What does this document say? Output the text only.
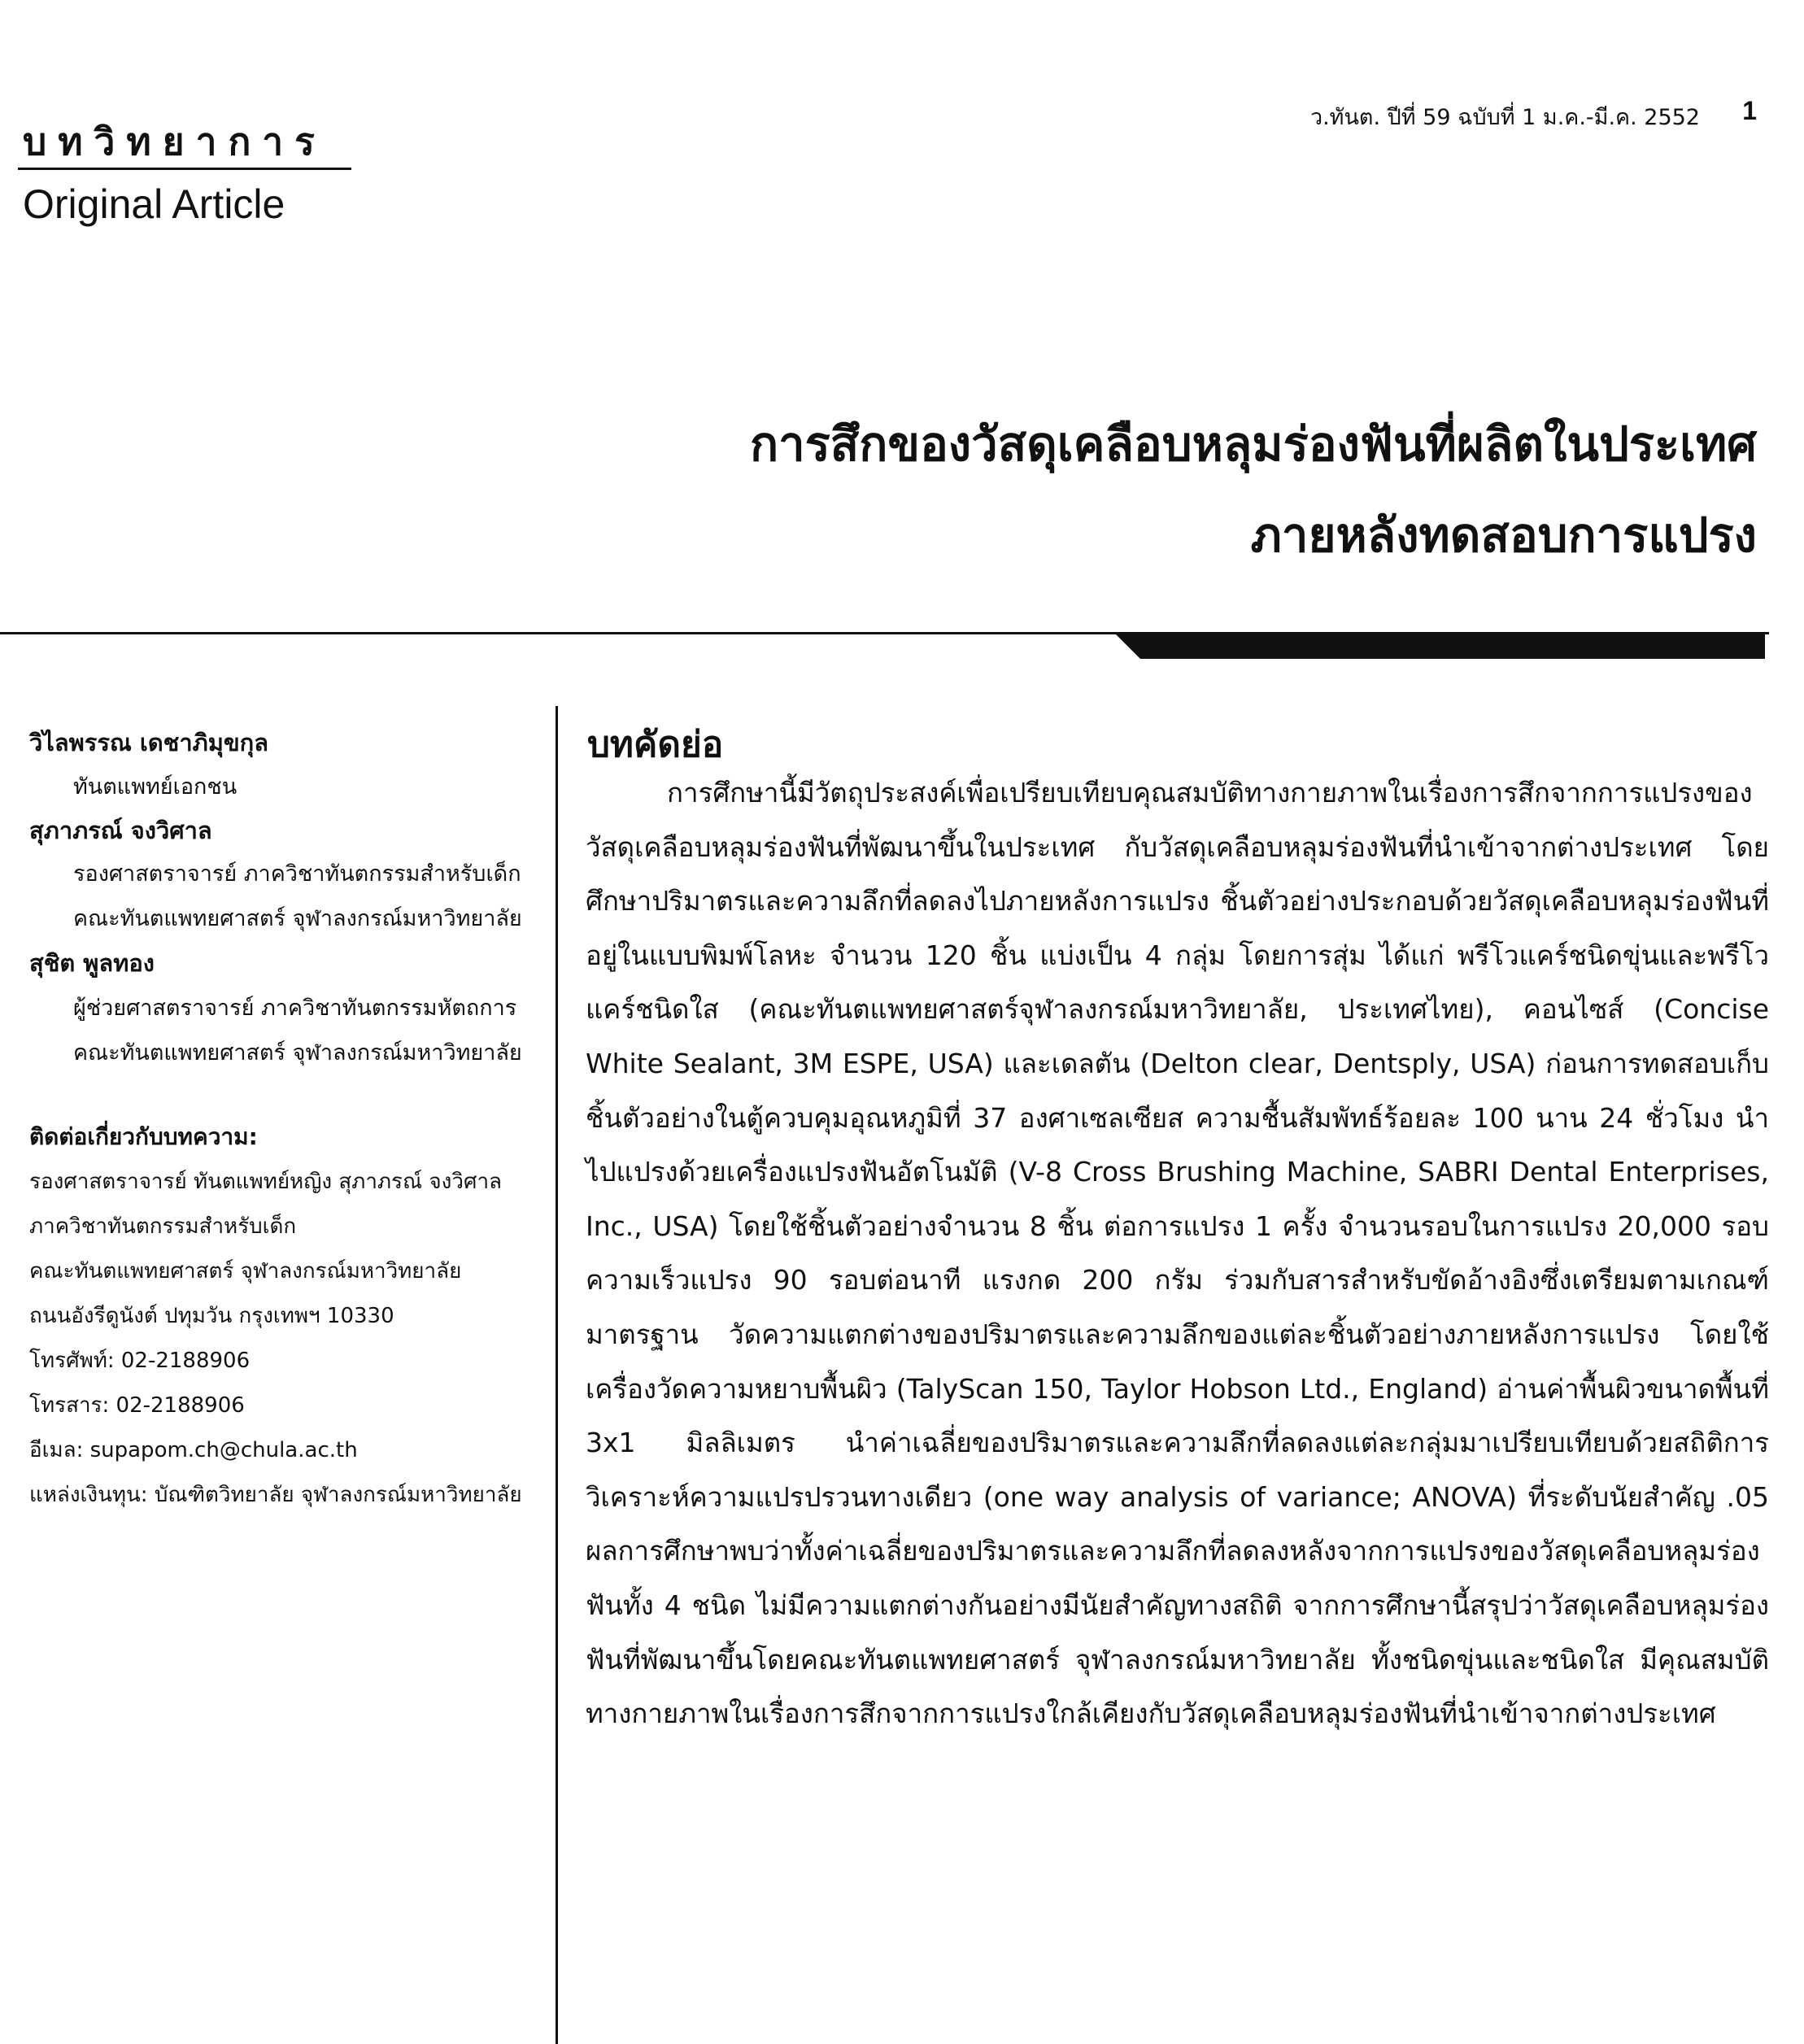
บทวิทยาการ
Original Article
ว.ทันต. ปีที่ 59 ฉบับที่ 1 ม.ค.-มี.ค. 2552 1
การสึกของวัสดุเคลือบหลุมร่องฟันที่ผลิตในประเทศ
ภายหลังทดสอบการแปรง
วิไลพรรณ เดชาภิมุขกุล
ทันตแพทย์เอกชน
สุภาภรณ์ จงวิศาล
รองศาสตราจารย์ ภาควิชาทันตกรรมสำหรับเด็ก
คณะทันตแพทยศาสตร์ จุฬาลงกรณ์มหาวิทยาลัย
สุชิต พูลทอง
ผู้ช่วยศาสตราจารย์ ภาควิชาทันตกรรมหัตถการ
คณะทันตแพทยศาสตร์ จุฬาลงกรณ์มหาวิทยาลัย
ติดต่อเกี่ยวกับบทความ:
รองศาสตราจารย์ ทันตแพทย์หญิง สุภาภรณ์ จงวิศาล
ภาควิชาทันตกรรมสำหรับเด็ก
คณะทันตแพทยศาสตร์ จุฬาลงกรณ์มหาวิทยาลัย
ถนนอังรีดูนังต์ ปทุมวัน กรุงเทพฯ 10330
โทรศัพท์: 02-2188906
โทรสาร: 02-2188906
อีเมล: supapom.ch@chula.ac.th
แหล่งเงินทุน: บัณฑิตวิทยาลัย จุฬาลงกรณ์มหาวิทยาลัย
บทคัดย่อ
การศึกษานี้มีวัตถุประสงค์เพื่อเปรียบเทียบคุณสมบัติทางกายภาพในเรื่องการสึกจากการแปรงของวัสดุเคลือบหลุมร่องฟันที่พัฒนาขึ้นในประเทศ กับวัสดุเคลือบหลุมร่องฟันที่นำเข้าจากต่างประเทศ โดยศึกษาปริมาตรและความลึกที่ลดลงไปภายหลังการแปรง ชิ้นตัวอย่างประกอบด้วยวัสดุเคลือบหลุมร่องฟันที่อยู่ในแบบพิมพ์โลหะ จำนวน 120 ชิ้น แบ่งเป็น 4 กลุ่ม โดยการสุ่ม ได้แก่ พรีโวแคร์ชนิดขุ่นและพรีโวแคร์ชนิดใส (คณะทันตแพทยศาสตร์จุฬาลงกรณ์มหาวิทยาลัย, ประเทศไทย), คอนไซส์ (Concise White Sealant, 3M ESPE, USA) และเดลตัน (Delton clear, Dentsply, USA) ก่อนการทดสอบเก็บชิ้นตัวอย่างในตู้ควบคุมอุณหภูมิที่ 37 องศาเซลเซียส ความชื้นสัมพัทธ์ร้อยละ 100 นาน 24 ชั่วโมง นำไปแปรงด้วยเครื่องแปรงฟันอัตโนมัติ (V-8 Cross Brushing Machine, SABRI Dental Enterprises, Inc., USA) โดยใช้ชิ้นตัวอย่างจำนวน 8 ชิ้น ต่อการแปรง 1 ครั้ง จำนวนรอบในการแปรง 20,000 รอบ ความเร็วแปรง 90 รอบต่อนาที แรงกด 200 กรัม ร่วมกับสารสำหรับขัดอ้างอิงซึ่งเตรียมตามเกณฑ์มาตรฐาน วัดความแตกต่างของปริมาตรและความลึกของแต่ละชิ้นตัวอย่างภายหลังการแปรง โดยใช้เครื่องวัดความหยาบพื้นผิว (TalyScan 150, Taylor Hobson Ltd., England) อ่านค่าพื้นผิวขนาดพื้นที่ 3x1 มิลลิเมตร นำค่าเฉลี่ยของปริมาตรและความลึกที่ลดลงแต่ละกลุ่มมาเปรียบเทียบด้วยสถิติการวิเคราะห์ความแปรปรวนทางเดียว (one way analysis of variance; ANOVA) ที่ระดับนัยสำคัญ .05 ผลการศึกษาพบว่าทั้งค่าเฉลี่ยของปริมาตรและความลึกที่ลดลงหลังจากการแปรงของวัสดุเคลือบหลุมร่องฟันทั้ง 4 ชนิด ไม่มีความแตกต่างกันอย่างมีนัยสำคัญทางสถิติ จากการศึกษานี้สรุปว่าวัสดุเคลือบหลุมร่องฟันที่พัฒนาขึ้นโดยคณะทันตแพทยศาสตร์ จุฬาลงกรณ์มหาวิทยาลัย ทั้งชนิดขุ่นและชนิดใส มีคุณสมบัติทางกายภาพในเรื่องการสึกจากการแปรงใกล้เคียงกับวัสดุเคลือบหลุมร่องฟันที่นำเข้าจากต่างประเทศ
